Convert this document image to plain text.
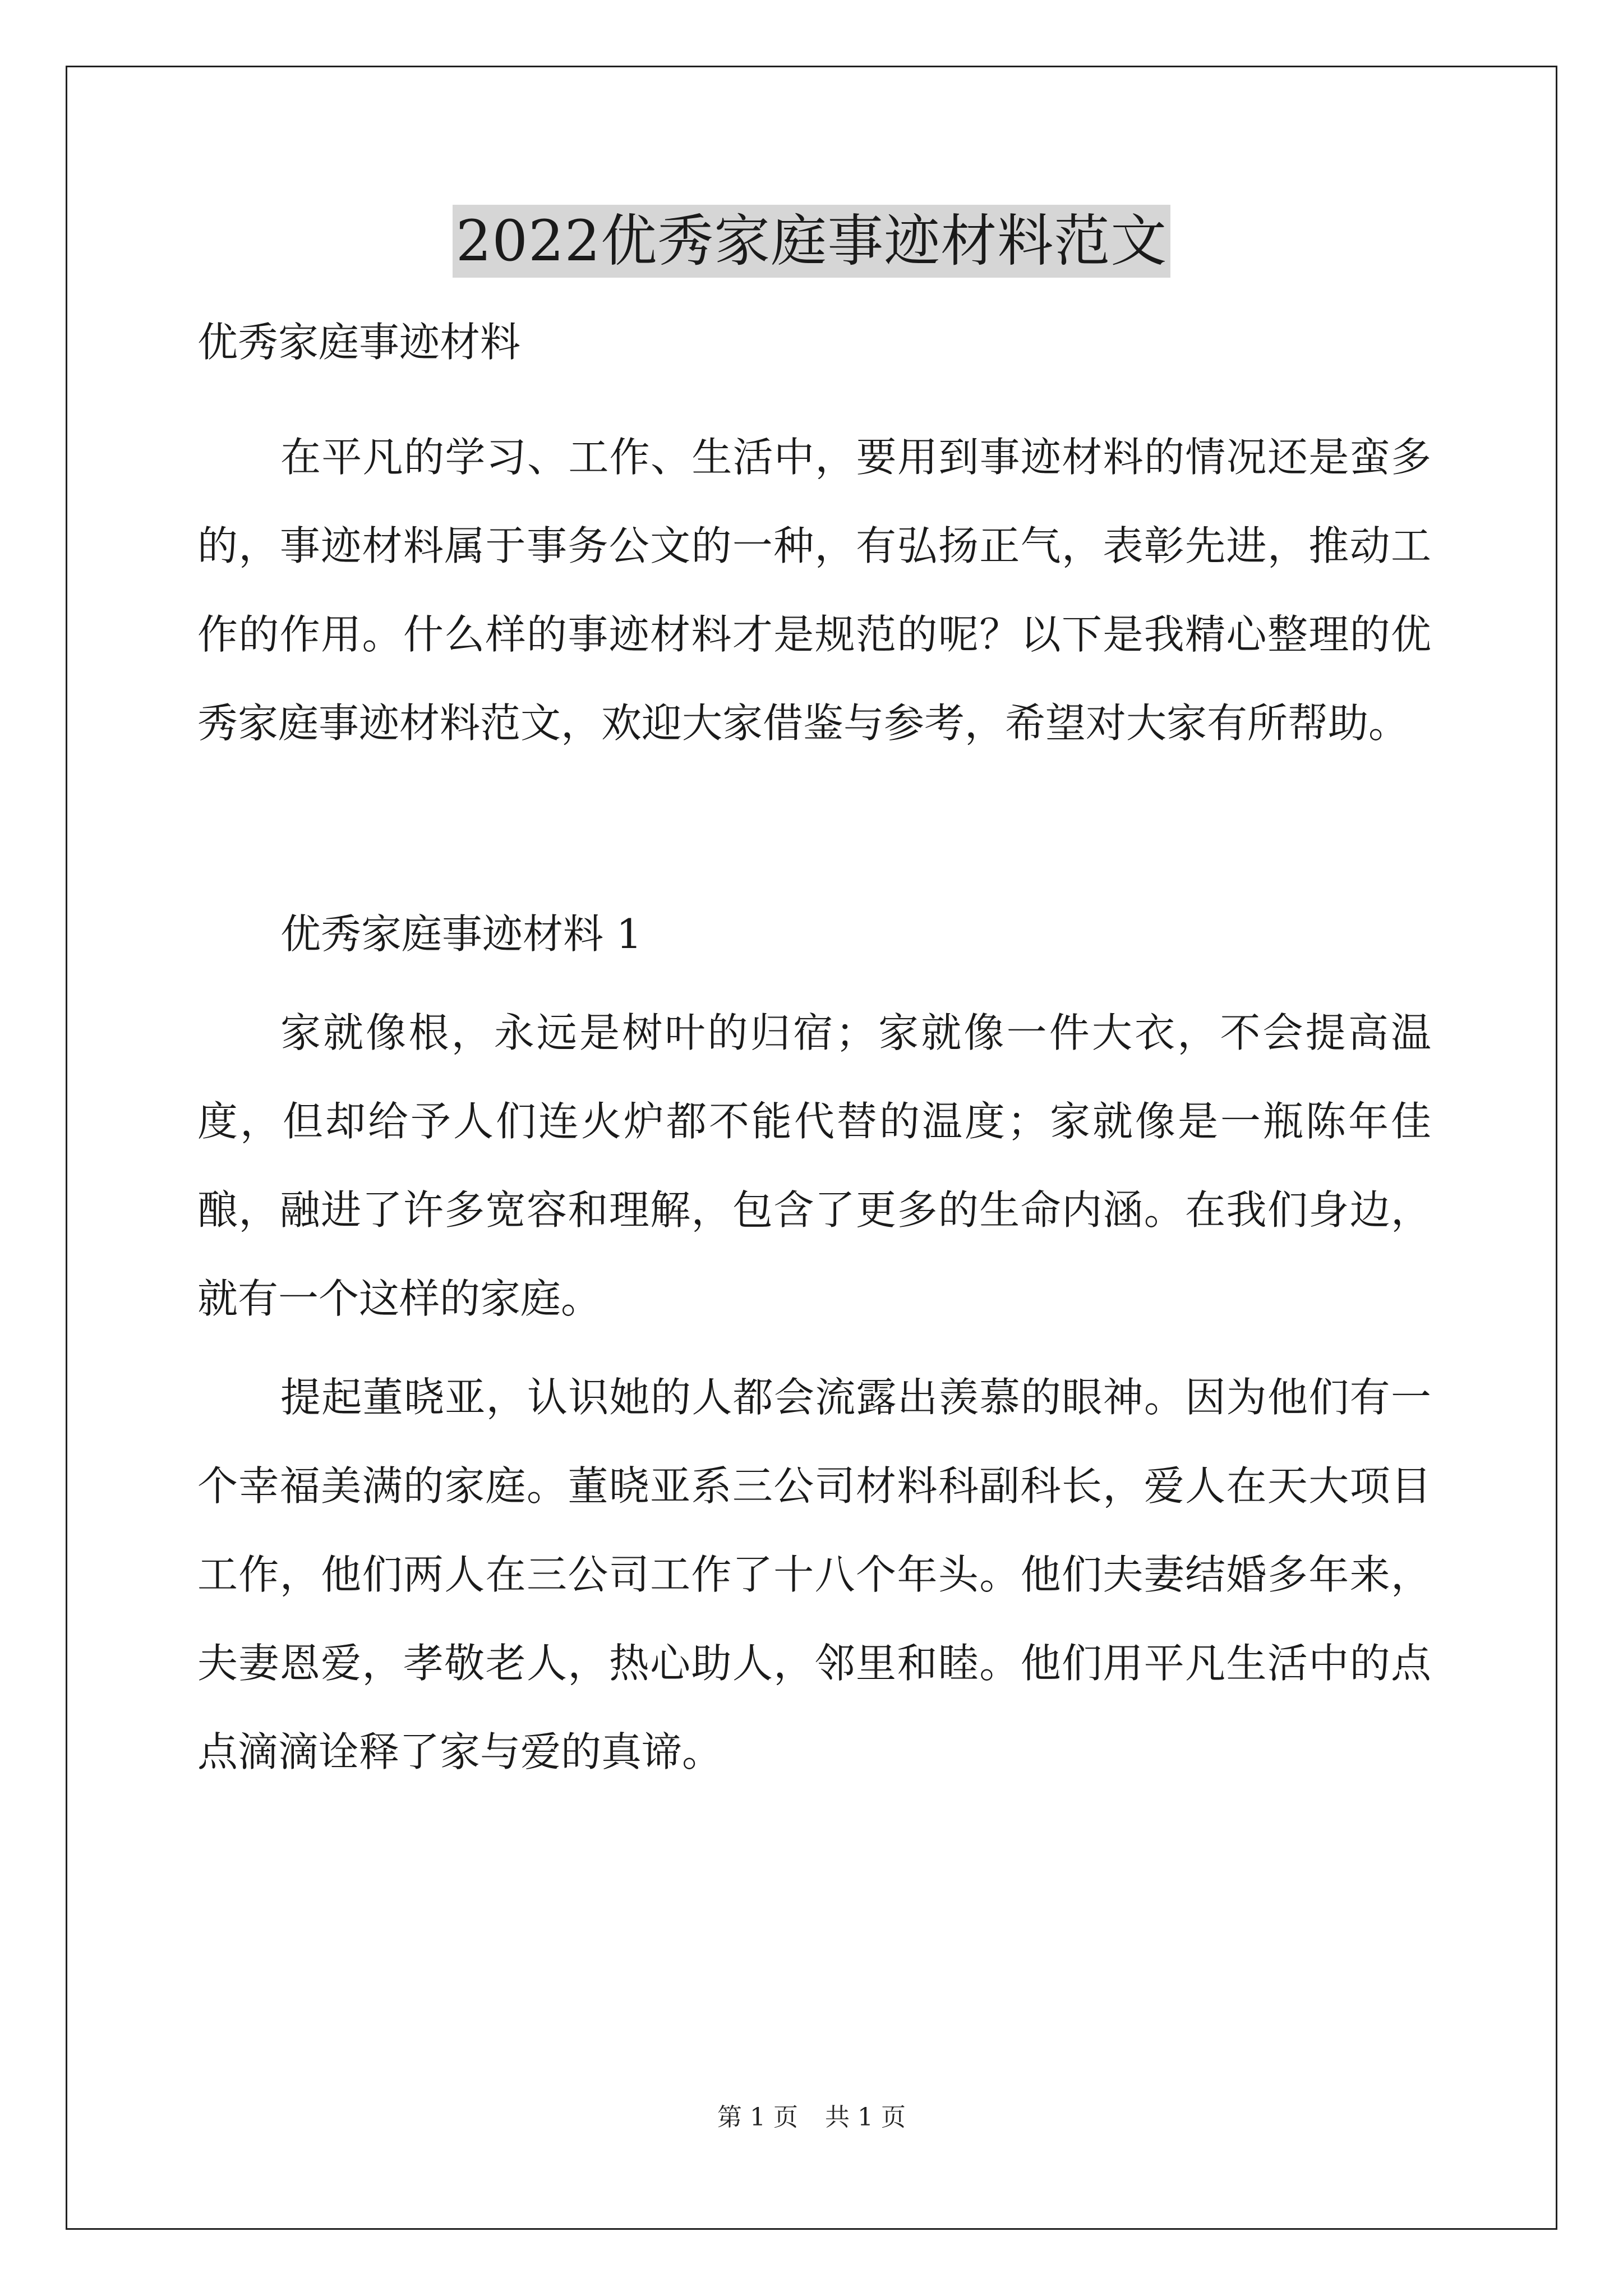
2022优秀家庭事迹材料范文

优秀家庭事迹材料

在平凡的学习、工作、生活中，要用到事迹材料的情况还是蛮多的，事迹材料属于事务公文的一种，有弘扬正气，表彰先进，推动工作的作用。什么样的事迹材料才是规范的呢？以下是我精心整理的优秀家庭事迹材料范文，欢迎大家借鉴与参考，希望对大家有所帮助。

优秀家庭事迹材料 1

家就像根，永远是树叶的归宿；家就像一件大衣，不会提高温度，但却给予人们连火炉都不能代替的温度；家就像是一瓶陈年佳酿，融进了许多宽容和理解，包含了更多的生命内涵。在我们身边，就有一个这样的家庭。

提起董晓亚，认识她的人都会流露出羡慕的眼神。因为他们有一个幸福美满的家庭。董晓亚系三公司材料科副科长，爱人在天大项目工作，他们两人在三公司工作了十八个年头。他们夫妻结婚多年来，夫妻恩爱，孝敬老人，热心助人，邻里和睦。他们用平凡生活中的点点滴滴诠释了家与爱的真谛。

第 1 页 共 1 页
